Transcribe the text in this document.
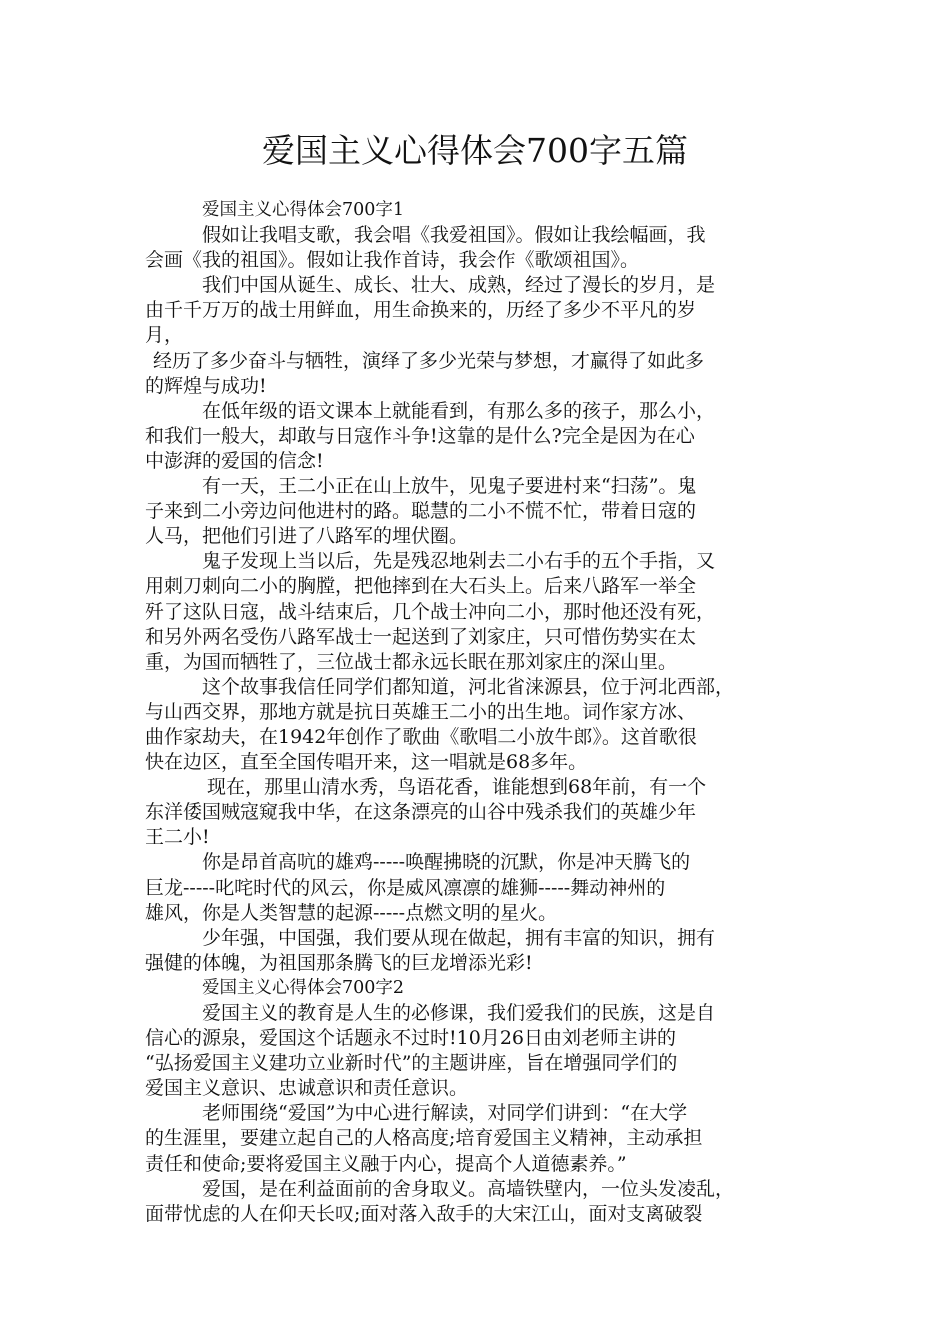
爱国主义心得体会700字五篇
爱国主义心得体会700字1
假如让我唱支歌，我会唱《我爱祖国》。假如让我绘幅画，我
会画《我的祖国》。假如让我作首诗，我会作《歌颂祖国》。
我们中国从诞生、成长、壮大、成熟，经过了漫长的岁月，是
由千千万万的战士用鲜血，用生命换来的，历经了多少不平凡的岁
月，
经历了多少奋斗与牺牲，演绎了多少光荣与梦想，才赢得了如此多
的辉煌与成功!
在低年级的语文课本上就能看到，有那么多的孩子，那么小，
和我们一般大，却敢与日寇作斗争!这靠的是什么?完全是因为在心
中澎湃的爱国的信念!
有一天，王二小正在山上放牛，见鬼子要进村来“扫荡”。鬼
子来到二小旁边问他进村的路。聪慧的二小不慌不忙，带着日寇的
人马，把他们引进了八路军的埋伏圈。
鬼子发现上当以后，先是残忍地剁去二小右手的五个手指，又
用刺刀刺向二小的胸膛，把他摔到在大石头上。后来八路军一举全
歼了这队日寇，战斗结束后，几个战士冲向二小，那时他还没有死，
和另外两名受伤八路军战士一起送到了刘家庄，只可惜伤势实在太
重，为国而牺牲了，三位战士都永远长眠在那刘家庄的深山里。
这个故事我信任同学们都知道，河北省涞源县，位于河北西部，
与山西交界，那地方就是抗日英雄王二小的出生地。词作家方冰、
曲作家劫夫，在1942年创作了歌曲《歌唱二小放牛郎》。这首歌很
快在边区，直至全国传唱开来，这一唱就是68多年。
现在，那里山清水秀，鸟语花香，谁能想到68年前，有一个
东洋倭国贼寇窥我中华，在这条漂亮的山谷中残杀我们的英雄少年
王二小!
你是昂首高吭的雄鸡-----唤醒拂晓的沉默，你是冲天腾飞的
巨龙-----叱咤时代的风云，你是威风凛凛的雄狮-----舞动神州的
雄风，你是人类智慧的起源-----点燃文明的星火。
少年强，中国强，我们要从现在做起，拥有丰富的知识，拥有
强健的体魄，为祖国那条腾飞的巨龙增添光彩!
爱国主义心得体会700字2
爱国主义的教育是人生的必修课，我们爱我们的民族，这是自
信心的源泉，爱国这个话题永不过时!10月26日由刘老师主讲的
“弘扬爱国主义建功立业新时代”的主题讲座，旨在增强同学们的
爱国主义意识、忠诚意识和责任意识。
老师围绕“爱国”为中心进行解读，对同学们讲到：“在大学
的生涯里，要建立起自己的人格高度;培育爱国主义精神，主动承担
责任和使命;要将爱国主义融于内心，提高个人道德素养。”
爱国，是在利益面前的舍身取义。高墙铁壁内，一位头发凌乱，
面带忧虑的人在仰天长叹;面对落入敌手的大宋江山，面对支离破裂
